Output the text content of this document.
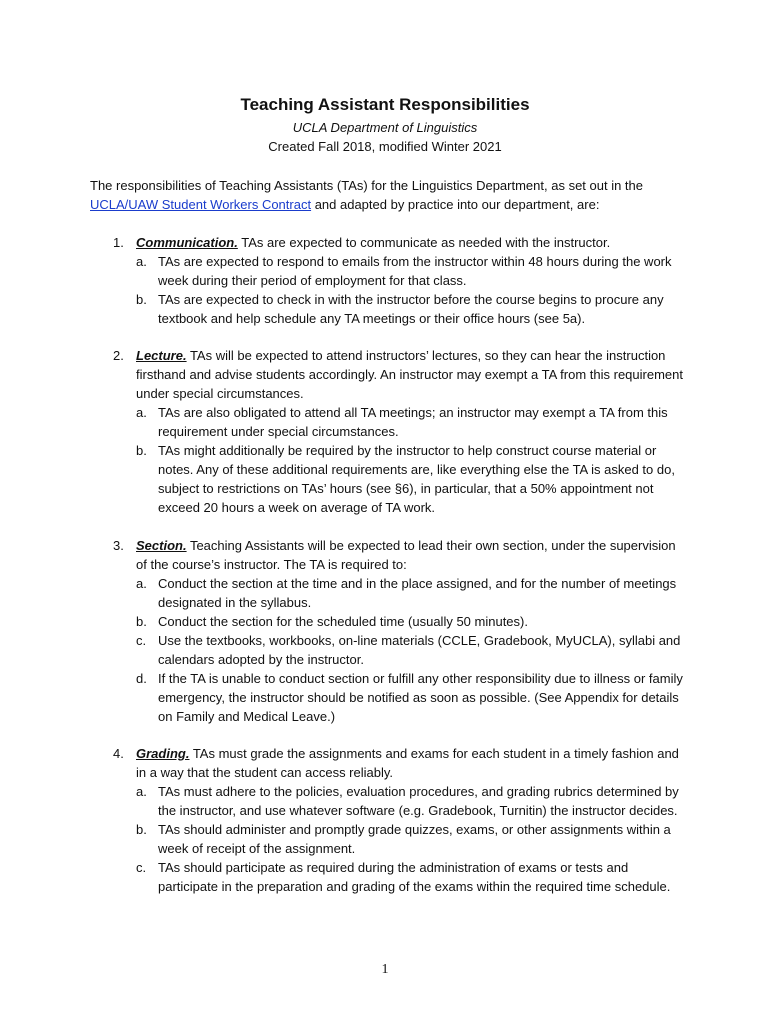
Teaching Assistant Responsibilities
UCLA Department of Linguistics
Created Fall 2018, modified Winter 2021
The responsibilities of Teaching Assistants (TAs) for the Linguistics Department, as set out in the UCLA/UAW Student Workers Contract and adapted by practice into our department, are:
1. Communication. TAs are expected to communicate as needed with the instructor.
a. TAs are expected to respond to emails from the instructor within 48 hours during the work week during their period of employment for that class.
b. TAs are expected to check in with the instructor before the course begins to procure any textbook and help schedule any TA meetings or their office hours (see 5a).
2. Lecture. TAs will be expected to attend instructors’ lectures, so they can hear the instruction firsthand and advise students accordingly. An instructor may exempt a TA from this requirement under special circumstances.
a. TAs are also obligated to attend all TA meetings; an instructor may exempt a TA from this requirement under special circumstances.
b. TAs might additionally be required by the instructor to help construct course material or notes. Any of these additional requirements are, like everything else the TA is asked to do, subject to restrictions on TAs’ hours (see §6), in particular, that a 50% appointment not exceed 20 hours a week on average of TA work.
3. Section. Teaching Assistants will be expected to lead their own section, under the supervision of the course’s instructor. The TA is required to:
a. Conduct the section at the time and in the place assigned, and for the number of meetings designated in the syllabus.
b. Conduct the section for the scheduled time (usually 50 minutes).
c. Use the textbooks, workbooks, on-line materials (CCLE, Gradebook, MyUCLA), syllabi and calendars adopted by the instructor.
d. If the TA is unable to conduct section or fulfill any other responsibility due to illness or family emergency, the instructor should be notified as soon as possible. (See Appendix for details on Family and Medical Leave.)
4. Grading. TAs must grade the assignments and exams for each student in a timely fashion and in a way that the student can access reliably.
a. TAs must adhere to the policies, evaluation procedures, and grading rubrics determined by the instructor, and use whatever software (e.g. Gradebook, Turnitin) the instructor decides.
b. TAs should administer and promptly grade quizzes, exams, or other assignments within a week of receipt of the assignment.
c. TAs should participate as required during the administration of exams or tests and participate in the preparation and grading of the exams within the required time schedule.
1
